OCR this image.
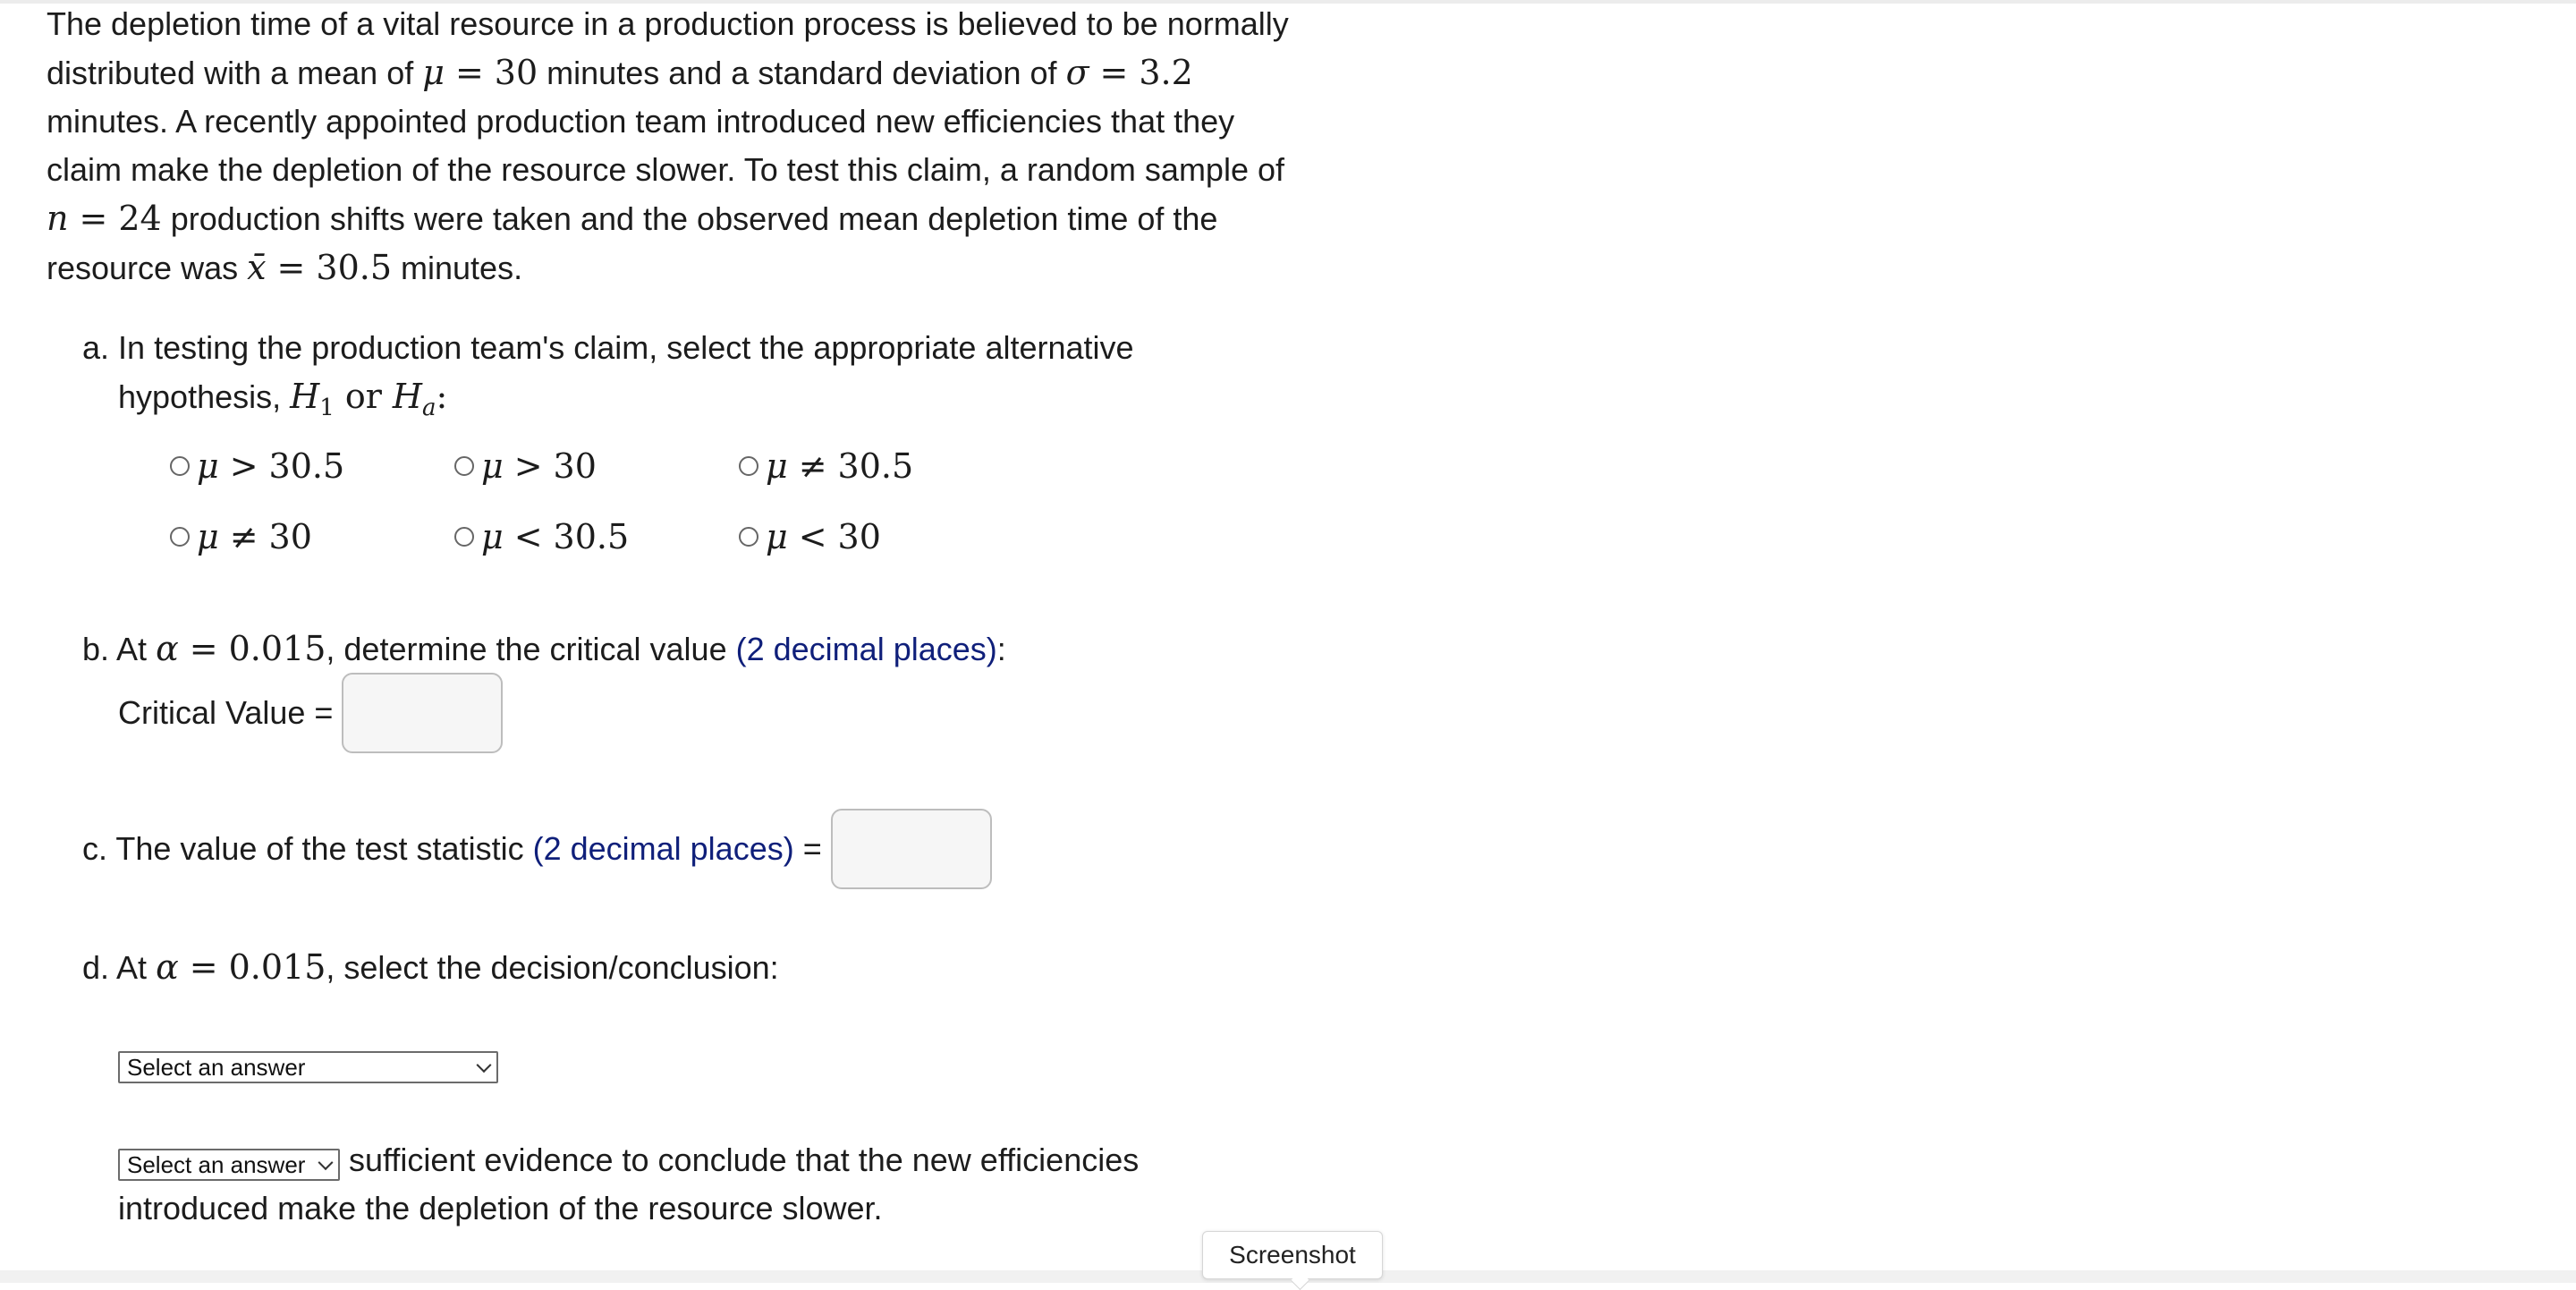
The depletion time of a vital resource in a production process is believed to be normally

distributed with a mean of μ = 30 minutes and a standard deviation of σ = 3.2

minutes. A recently appointed production team introduced new efficiencies that they

claim make the depletion of the resource slower. To test this claim, a random sample of

n = 24 production shifts were taken and the observed mean depletion time of the

resource was x̄ = 30.5 minutes.

a. In testing the production team's claim, select the appropriate alternative
hypothesis, $H_1$ or $H_a$:
μ > 30.5	μ > 30	μ ≠ 30.5
μ ≠ 30	μ < 30.5	μ < 30
b. At α = 0.015, determine the critical value (2 decimal places):
Critical Value =
c. The value of the test statistic
(2 decimal places)
=
d. At α = 0.015, select the decision/conclusion:
Select an answer
sufficient evidence to conclude that the new efficiencies
introduced make the depletion of the resource slower.
Select an answer
Screenshot
